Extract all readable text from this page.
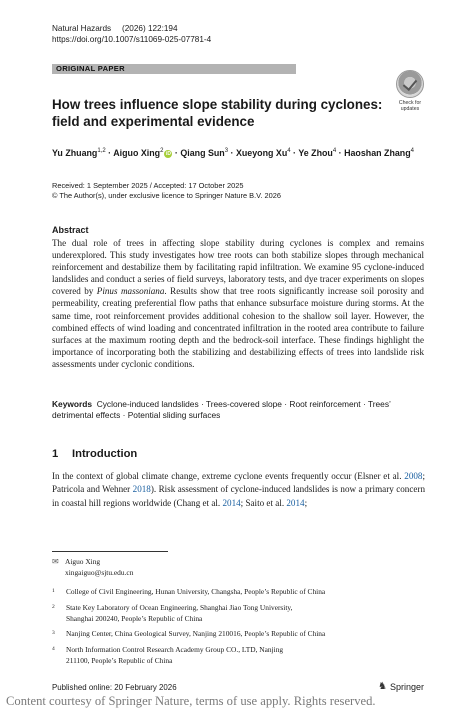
Natural Hazards	(2026) 122:194
https://doi.org/10.1007/s11069-025-07781-4
ORIGINAL PAPER
Check for
updates
How trees influence slope stability during cyclones: field and experimental evidence
Yu Zhuang$^{1,2}$ · Aiguo Xing$^2$ iD · Qiang Sun$^3$ · Xueyong $Xu^4 \cdot Ye$ Zhou$^4$ · Haoshan Zhang$^4$
Received: 1 September 2025 / Accepted: 17 October 2025
© The Author(s), under exclusive licence to Springer Nature B.V. 2026
Abstract
The dual role of trees in affecting slope stability during cyclones is complex and remains underexplored. This study investigates how tree roots can both stabilize slopes through mechanical reinforcement and destabilize them by facilitating rapid infiltration. We examine 95 cyclone-induced landslides and conduct a series of field surveys, laboratory tests, and dye tracer experiments on slopes covered by Pinus massoniana. Results show that tree roots significantly increase soil porosity and permeability, creating preferential flow paths that enhance subsurface moisture during storms. At the same time, root reinforcement provides additional cohesion to the shallow soil layer. However, the combined effects of wind loading and concentrated infiltration in the rooted area contribute to failure surfaces at the maximum rooting depth and the bedrock-soil interface. These findings highlight the importance of incorporating both the stabilizing and destabilizing effects of trees into landslide risk assessments under cyclonic conditions.
Keywords Cyclone-induced landslides · Trees-covered slope · Root reinforcement · Trees’ detrimental effects · Potential sliding surfaces
1 Introduction
In the context of global climate change, extreme cyclone events frequently occur (Elsner et al. 2008; Patricola and Wehner 2018). Risk assessment of cyclone-induced landslides is now a primary concern in coastal hill regions worldwide (Chang et al. 2014; Saito et al. 2014;
✉ Aiguo Xing
xingaiguo@sjtu.edu.cn
1	College of Civil Engineering, Hunan University, Changsha, People’s Republic of China
2	State Key Laboratory of Ocean Engineering, Shanghai Jiao Tong University,
Shanghai 200240, People’s Republic of China
3	Nanjing Center, China Geological Survey, Nanjing 210016, People’s Republic of China
4	North Information Control Research Academy Group CO., LTD, Nanjing
211100, People’s Republic of China
Published online: 20 February 2026	♞ Springer
Content courtesy of Springer Nature, terms of use apply. Rights reserved.
